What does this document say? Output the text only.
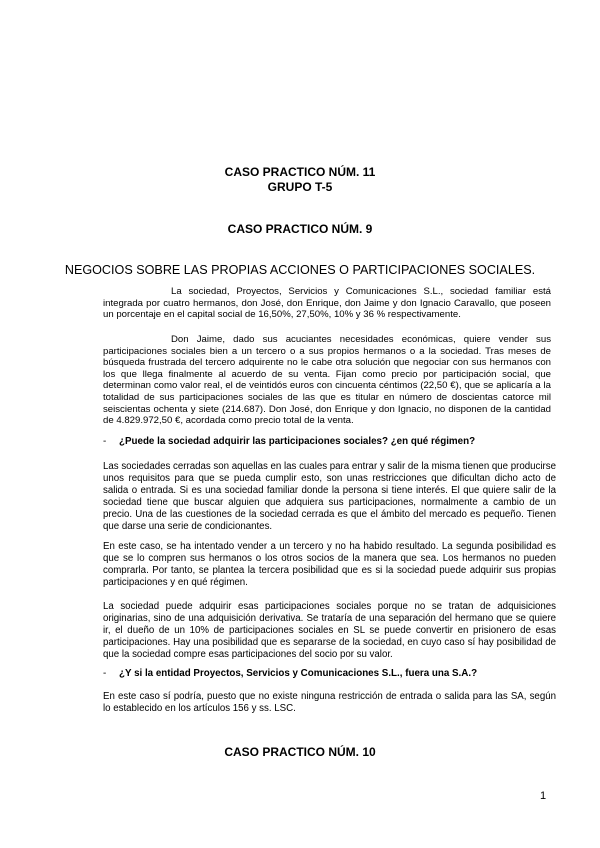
CASO PRACTICO NÚM. 11

GRUPO T-5

CASO PRACTICO NÚM. 9

NEGOCIOS SOBRE LAS PROPIAS ACCIONES O PARTICIPACIONES SOCIALES.

La sociedad, Proyectos, Servicios y Comunicaciones S.L., sociedad familiar está integrada por cuatro hermanos, don José, don Enrique, don Jaime y don Ignacio Caravallo, que poseen un porcentaje en el capital social de 16,50%, 27,50%, 10% y 36 % respectivamente.

Don Jaime, dado sus acuciantes necesidades económicas, quiere vender sus participaciones sociales bien a un tercero o a sus propios hermanos o a la sociedad. Tras meses de búsqueda frustrada del tercero adquirente no le cabe otra solución que negociar con sus hermanos con los que llega finalmente al acuerdo de su venta. Fijan como precio por participación social, que determinan como valor real, el de veintidós euros con cincuenta céntimos (22,50 €), que se aplicaría a la totalidad de sus participaciones sociales de las que es titular en número de doscientas catorce mil seiscientas ochenta y siete (214.687). Don José, don Enrique y don Ignacio, no disponen de la cantidad de 4.829.972,50 €, acordada como precio total de la venta.

- ¿Puede la sociedad adquirir las participaciones sociales? ¿en qué régimen?

Las sociedades cerradas son aquellas en las cuales para entrar y salir de la misma tienen que producirse unos requisitos para que se pueda cumplir esto, son unas restricciones que dificultan dicho acto de salida o entrada. Si es una sociedad familiar donde la persona si tiene interés. El que quiere salir de la sociedad tiene que buscar alguien que adquiera sus participaciones, normalmente a cambio de un precio. Una de las cuestiones de la sociedad cerrada es que el ámbito del mercado es pequeño. Tienen que darse una serie de condicionantes.

En este caso, se ha intentado vender a un tercero y no ha habido resultado. La segunda posibilidad es que se lo compren sus hermanos o los otros socios de la manera que sea. Los hermanos no pueden comprarla. Por tanto, se plantea la tercera posibilidad que es si la sociedad puede adquirir sus propias participaciones y en qué régimen.

La sociedad puede adquirir esas participaciones sociales porque no se tratan de adquisiciones originarias, sino de una adquisición derivativa. Se trataría de una separación del hermano que se quiere ir, el dueño de un 10% de participaciones sociales en SL se puede convertir en prisionero de esas participaciones. Hay una posibilidad que es separarse de la sociedad, en cuyo caso sí hay posibilidad de que la sociedad compre esas participaciones del socio por su valor.

- ¿Y si la entidad Proyectos, Servicios y Comunicaciones S.L., fuera una S.A.?

En este caso sí podría, puesto que no existe ninguna restricción de entrada o salida para las SA, según lo establecido en los artículos 156 y ss. LSC.

CASO PRACTICO NÚM. 10

1
